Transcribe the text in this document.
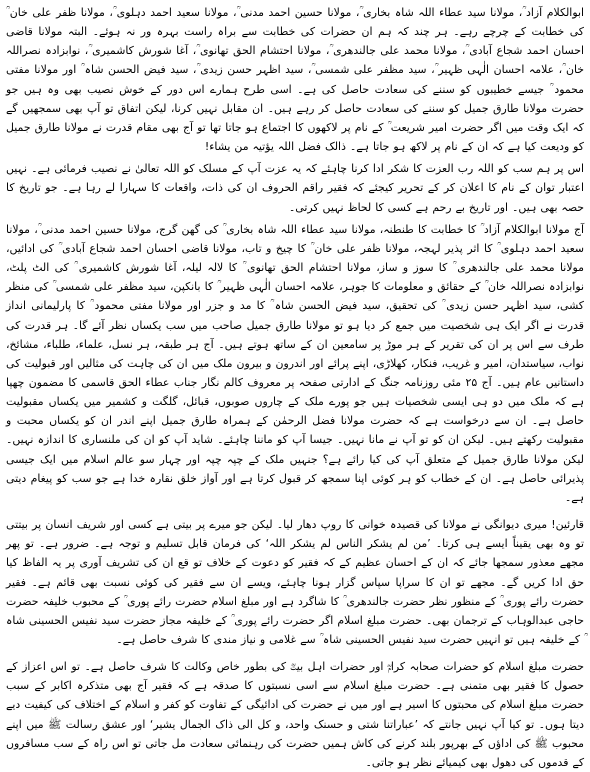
ابوالکلام آزاد ؒ، مولانا سید عطاء اللہ شاہ بخاری ؒ، مولانا حسین احمد مدنی ؒ، مولانا سعید احمد دہلوی ؒ، مولانا ظفر علی خان ؒ کی خطابت کے چرچے رہے۔ ہر چند کہ ہم ان حضرات کی خطابت سے براہ راست بہرہ ور نہ ہوئے۔ البتہ مولانا قاضی احسان احمد شجاع آبادی ؒ، مولانا محمد علی جالندھری ؒ، مولانا احتشام الحق تھانوی ؒ، آغا شورش کاشمیری ؒ، نوابزادہ نصراللہ خان ؒ، علامہ احسان الٰہی ظہیر ؒ، سید مظفر علی شمسی ؒ، سید اظہر حسن زیدی ؒ، سید فیض الحسن شاہ ؒ اور مولانا مفتی محمود ؒ جیسے خطیبوں کو سننے کی سعادت حاصل کی ہے۔ اسی طرح ہمارے اس دور کے خوش نصیب بھی وہ ہیں جو حضرت مولانا طارق جمیل کو سننے کی سعادت حاصل کر رہے ہیں۔ ان مقابل نہیں کرنا، لیکن اتفاق تو آپ بھی سمجھیں گے کہ ایک وقت میں اگر حضرت امیر شریعت ؒ کے نام پر لاکھوں کا اجتماع ہو جاتا تھا تو آج بھی مقام قدرت نے مولانا طارق جمیل کو ودیعت کیا ہے کہ ان کے نام پر لاکھ ہو جاتا ہے۔ ذالک فضل اللہ یؤتیہ من یشاء!

اس پر ہم سب کو اللہ رب العزت کا شکر ادا کرنا چاہئے کہ یہ عزت آپ کے مسلک کو اللہ تعالیٰ نے نصیب فرمائی ہے۔ نہیں اعتبار توان کے نام کا اعلان کر کے تحریر کیجئے کہ فقیر راقم الحروف ان کی ذات، واقعات کا سہارا لے رہا ہے۔ جو تاریخ کا حصہ بھی ہیں۔ اور تاریخ بے رحم ہے کسی کا لحاظ نہیں کرتی۔

آج مولانا ابوالکلام آزاد ؒ کا خطابت کا طنطنہ، مولانا سید عطاء اللہ شاہ بخاری ؒ کی گھن گرج، مولانا حسین احمد مدنی ؒ، مولانا سعید احمد دہلوی ؒ کا اثر پذیر لہجہ، مولانا ظفر علی خان ؒ کا چیخ و تاب، مولانا قاضی احسان احمد شجاع آبادی ؒ کی ادائیں، مولانا محمد علی جالندھری ؒ کا سوز و ساز، مولانا احتشام الحق تھانوی ؒ کا لالہ لیلہ، آغا شورش کاشمیری ؒ کی الٹ پلٹ، نوابزادہ نصراللہ خان ؒ کے حقائق و معلومات کا جوہر، علامہ احسان الٰہی ظہیر ؒ کا بانکپن، سید مظفر علی شمسی ؒ کی منظر کشی، سید اظہر حسن زیدی ؒ کی تحقیق، سید فیض الحسن شاہ ؒ کا مد و جزر اور مولانا مفتی محمود ؒ کا پارلیمانی انداز قدرت نے اگر ایک ہی شخصیت میں جمع کر دیا ہو تو مولانا طارق جمیل صاحب میں سب یکساں نظر آئے گا۔ ہر قدرت کی طرف سے اس پر ان کی تقریر کے ہر موڑ پر سامعین ان کے ساتھ ہوتے ہیں۔ آج ہر طبقہ، ہر نسل، علماء، طلباء، مشائخ، نواب، سیاستدان، امیر و غریب، فنکار، کھلاڑی، اپنے پرائے اور اندرون و بیرون ملک میں ان کی چاہت کی مثالیں اور قبولیت کی داستانیں عام ہیں۔ آج ۲۵ مئی روزنامہ جنگ کے ادارتی صفحہ پر معروف کالم نگار جناب عطاء الحق قاسمی کا مضمون چھپا ہے کہ ملک میں دو ہی ایسی شخصیات ہیں جو پورے ملک کے چاروں صوبوں، قبائل، گلگت و کشمیر میں یکساں مقبولیت حاصل ہے۔ ان سے درخواست ہے کہ حضرت مولانا فضل الرحمٰن کے ہمراہ طارق جمیل اپنے اندر ان کو یکساں محبت و مقبولیت رکھتے ہیں۔ لیکن ان کو تو آپ نے مانا نہیں۔ جیسا آپ کو ماننا چاہئے۔ شاید آپ کو ان کی ملنساری کا اندازہ نہیں۔ لیکن مولانا طارق جمیل کے متعلق آپ کی کیا رائے ہے؟ جنہیں ملک کے چپہ چپہ اور چہار سو عالم اسلام میں ایک جیسی پذیرائی حاصل ہے۔ ان کے خطاب کو ہر کوئی اپنا سمجھ کر قبول کرتا ہے اور آواز خلق نقارہ خدا ہے جو سب کو پیغام دیتی ہے۔

قارئین! میری دیوانگی نے مولانا کی قصیدہ خوانی کا روپ دھار لیا۔ لیکن جو میرے پر بیتی ہے کسی اور شریف انسان پر بیتتی تو وہ بھی یقیناً ایسے ہی کرتا۔ ’من لم یشکر الناس لم یشکر اللہ‘ کی فرمان قابل تسلیم و توجہ ہے۔ ضرور ہے۔ تو پھر مجھے معذور سمجھا جائے کہ ان کے احسان عظیم کے کہ فقیر کو دعوت کے خلاف تو قع ان کی تشریف آوری پر یہ الفاظ کیا حق ادا کریں گے۔ مجھے تو ان کا سراپا سپاس گزار ہونا چاہئے، ویسے ان سے فقیر کی کوئی نسبت بھی قائم ہے۔ فقیر حضرت رائے پوری ؒ کے منظور نظر حضرت جالندھری ؒ کا شاگرد ہے اور مبلغ اسلام حضرت رائے پوری ؒ کے محبوب خلیفہ حضرت حاجی عبدالوہاب کے ترجمان بھی۔ حضرت مبلغ اسلام اگر حضرت رائے پوری ؒ کے خلیفہ مجاز حضرت سید نفیس الحسینی شاہ ؒ کے خلیفہ ہیں تو انہیں حضرت سید نفیس الحسینی شاہ ؒ سے غلامی و نیاز مندی کا شرف حاصل ہے۔

حضرت مبلغ اسلام کو حضرات صحابہ کرامؓ اور حضرات اہل بیتؓ کی بطور خاص وکالت کا شرف حاصل ہے۔ تو اس اعزاز کے حصول کا فقیر بھی متمنی ہے۔ حضرت مبلغ اسلام سے اسی نسبتوں کا صدقہ ہے کہ فقیر آج بھی متذکرہ اکابر کے سبب حضرت مبلغ اسلام کی محبتوں کا اسیر ہے اور میں نے حضرت کی ادائیگی کے تفاوت کو کفر و اسلام کے اختلاف کی کیفیت دیے دیتا ہوں۔ تو کیا آپ نہیں جانتے کہ ’عباراتنا شتی و حسنک واحد، و کل الی ذاک الجمال یشیر‘ اور عشق رسالت ﷺ میں اپنے محبوب ﷺ کی اداؤں کے بھرپور بلند کرنے کی کاش ہمیں حضرت کی رہنمائی سعادت مل جاتی تو اس راہ کے سب مسافروں کے قدموں کی دھول بھی کیمیائے نظر ہو جاتی۔
